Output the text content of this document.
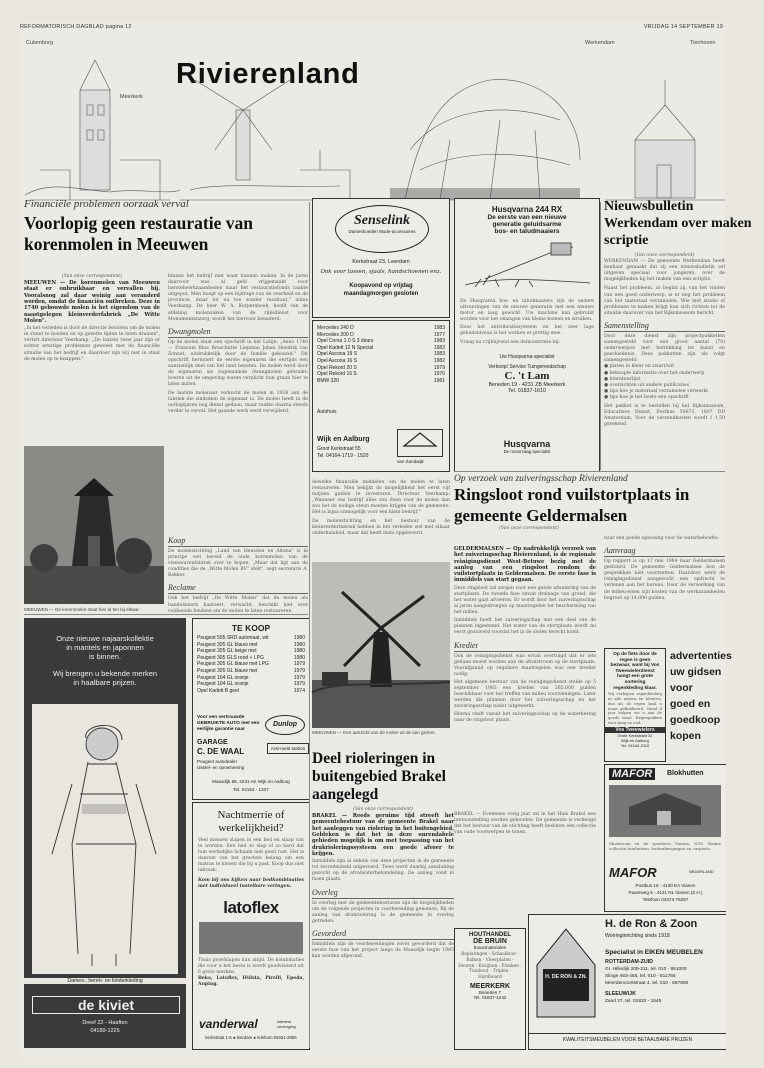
REFORMATORISCH DAGBLAD pagina 12	VRIJDAG 14 SEPTEMBER 19
Culemborg
Meerkerk
Werkendam	Tienhoven
Rivierenland
Financiële problemen oorzaak verval
Voorlopig geen restauratie van korenmolen in Meeuwen
(Van onze correspondent)
MEEUWEN — De korenmolen van Meeuwen staat er onbruikbaar en vervallen bij. Vooralsnog zal daar weinig aan veranderd worden, omdat de financiën ontbreken. Deze in 1740 gebouwde molen is het eigendom van de naastgelegen kleinverderfabriek „De Witte Molen".
„In het verleden is door de directie besloten om de molen in stand te houden en op gezette tijden te laten draaien", vertelt directeur Veerkamp. „De laatste twee jaar zijn er echter ernstige problemen geweest met de financiële situatie van het bedrijf en daardoor zijn wij niet in staat de molen op te knappen."
binnen het bedrijf niet waar kunnen maken. In de jaren daarvoor was al geld vrijgemaakt voor herstelwerkzaamheden maar het restauratiefonds raakte uitgeput. Men hoopt op een bijdrage van de overheid en de provincie, maar tot nu toe zonder resultaat," aldus Veerkamp. De heer W. A. Korpershoek, hoofd van de afdeling molenzaken van de rijksdienst voor Monumentenzorg, wordt het hiervoor benaderd.
Dwangmolen
Op de molen staat een opschrift in het Latijn: „Anno 1740 — Fransum Blue Bruschutte Liepman Johan Hendrik van Zonnet, uitdrukkelijk door de familie gebouwd." Dit opschrift herinnert de eerste eigenaren die eertijds een aanzienlijk deel van het land bezaten. De molen werd door de eigenaren als zogenaamde dwangmolen gebruikt: boeren uit de omgeving waren verplicht hun graan hier te laten malen.
De laatste molenaar verkocht de molen in 1938 aan de fabriek die sindsdien de eigenaar is. De molen heeft in de oorlogsjaren nog dienst gedaan, maar raakte daarna steeds verder in verval. Het gaande werk werd verwijderd.
MEEUWEN — De korenmolen staat hier al ten bij elkaar.
Koop
De molenstichting „Land van Heusden en Altena" is in principe wel bereid de oude korenmolen van de vleeswarenfabriek over te kopen. „Maar dat ligt aan de condities die de „Witte Molen BV" stelt", zegt secretaris A. Bakker.
Reclame
Ook het bedrijf „De Witte Molen" dat de molen als handelsmerk hanteert, verwacht, beschikt niet over voldoende fondsen om de molen te laten restaureren.
dewelke financiële middelen om de molen te laten restaureren. Men bekijkt de mogelijkheid het eerst vijf miljoen gulden te investeren. Directeur Veerkamp: „Wanneer ons bedrijf alles zou doen voor de molen dan zou het de nodige steun moeten krijgen van de gemeente. Het is bijna onmogelijk voor een klein bedrijf."
De molenstichting en het bestuur van de kleinverderfabriek hebben in het verleden wel met elkaar onderhandeld, maar dat heeft niets opgeleverd.
Senselink
Dameshoeden Mode-accessoires
Kerkstraat 23, Leerdam
Ook voor tassen, sjaals, handschoenen enz.
Koopavond op vrijdag
maandagmorgen gesloten
Mercedes 240 D	1983
Mercedes 200 D	1977
Opel Corsa 1.0 S 3 deurs	1983
Opel Kadett 12 N Special	1983
Opel Ascona 19 S	1983
Opel Ascona 16 S	1982
Opel Rekord 20 S	1979
Opel Rekord 16 S	1976
BMW 320	1981
Autohuis
Wijk en Aalburg
Groot Kerkstraat 55
Tel. 04164-1719 - 1520
van Zandwijk
Husqvarna 244 RX
De eerste van een nieuwe
generatie geluidsarme
bos- en taludmaaiers
De Husqvarna bos- en taludmaaiers zijn de ondere uitvoeringen van de nieuwe generatie met een nieuwe motor en laag gewicht. Uw machine kan gebruikt worden voor het omzagen van kleine bomen en struiken.
Door het antivibratiesysteem en het zeer lage geluidsniveau is het werken er prettig mee.
Vraag nu vrijblijvend een demonstratie bij:
Uw Husqvarna-specialist
Verkoop/ Service Tuingereedschap
C. 't Lam
Beneden 19 - 4231 ZB Meerkerk
Tel. 01837-1610
Husqvarna
De motorzaag specialist
Nieuwsbulletin Werkendam over maken scriptie
(Van onze correspondent)
WERKENDAM — De gemeente Werkendam heeft kenbaar gemaakt dat zij een nieuwsbulletin wil uitgeven speciaal voor jongeren, over de mogelijkheden bij het maken van een scriptie.
Naast het probleem, zo begint zij, van het vinden van een goed onderwerp, is er nog het probleem van het materiaal verzamelen. Wie met studie of problemen te maken krijgt kan zich richten tot de situatie daarover van het Rijksmuseum bericht.
Samenstelling
Door deze dienst zijn projectpakketten samengesteld voor een groot aantal (70) onderwerpen met betrekking tot kunst en geschiedenis. Deze pakketten zijn als volgt samengesteld:
● platen in kleur en zwart/wit
● beknopte informatie over het onderwerp
● literatuurlijst
● overzichten uit andere publicaties
● tips hoe je materiaal verzamelen verwerkt
● tips hoe je het beste een opschrift
Het pakket is te bestellen bij het Rijksmuseum, Educatieve Dienst, Postbus 50673, 1007 DD Amsterdam. Voor de verzendkosten wordt f 1,50 gerekend.
Op verzoek van zuiveringsschap Rivierenland
Ringsloot rond vuilstortplaats in gemeente Geldermalsen
(Van onze correspondent)
GELDERMALSEN — Op nadrukkelijk verzoek van het zuiveringsschap Rivierenland, is de regionale reinigingsdienst West-Betuwe bezig met de aanleg van een ringsloot rondom de vuilstortplaats in Geldermalsen. De eerste fase is inmiddels van start gegaan.
Deze ringsloot zal zorgen voor een goede afwatering van de stortplaats. De tweede fase omvat drainage van grond, die het water gaat afvoeren. Er wordt door het zuiveringsschap al jaren aangedrongen op maatregelen ter bescherming van het milieu.
Inmiddels heeft het zuiveringschap met een deel van de plannen ingestemd. Het water van de stortplaats wordt nu eerst gezuiverd voordat het in de sloten terecht komt.
Krediet
Ook de reinigingsdienst was ervan overtuigd dat er iets gedaan moest worden aan de afvalstroom op de stortplaats. Voorafgaand op reguliere maatregelen was een krediet nodig.
Het algemeen bestuur van de reinigingsdienst stelde op 5 september 1983 een krediet van 265.000 gulden beschikbaar voor het treffen van milieu voorzieningen. Later werden die plannen door het zuiveringsschap en het zuiveringsschap nader uitgewerkt.
Hierna vindt vanuit het zuiveringsschap op de waterkering naar de ringsloot plaats.
naar een goede oplossing voor de waterbehoefte.
Aanvraag
Op rapport is op 17 mei 1984 naar Geldermalsen gestuurd. De gemeente Geldermalsen kon de gesprekken niet voortzetten. Daardoor werd de reinigingsdienst aangezocht een opdracht te verlenen aan het bureau. Door de verwerking van de milieu-eisen zijn kosten van de werkzaamheden begroot op 14.000 gulden.
MEEUWEN — Een aanzicht van de molen uit de tuin gezien.
Deel rioleringen in buitengebied Brakel aangelegd
(Van onze correspondent)
BRAKEL — Reeds geruime tijd streeft het gemeentebestuur van de gemeente Brakel naar het aanleggen van riolering in het buitengebied. Gebleken is dat het in deze onrendabele gebieden mogelijk is om met toepassing van het drukrioleringssysteem een goede afvoer te krijgen.
Inmiddels zijn al enkele van deze projecten in de gemeente tot tevredenheid uitgevoerd. Twee werd daarbij aansluiting gezocht op de afvalwaterbehandeling. De aanleg vond in fasen plaats.
Overleg
In overleg met de gemeentebesturen zijn de mogelijkheden om de volgende projecten in voorbereiding genomen, Bij de aanleg van drukriolering is de gemeente in overleg getreden.
Gevorderd
Inmiddels zijn de voorbereidingen zover gevorderd dat de eerste fase van het project langs de Maasdijk begin 1985 kan worden afgerond.
BRAKEL — Eveneens vorig jaar zal in het Huis Brakel een tentoonstelling worden gehouden. De gemeente is verheugd dat het bestuur van de stichting heeft besloten een collectie van oude voorwerpen te tonen.
Onze nieuwe najaarskollektie
in mantels en japonnen
is binnen.
Wij brengen u bekende merken
in haalbare prijzen.
Dames-, heren- en kinderkleding
de kiviet
Dreef 22 - Haaften
04189-1225
TE KOOP
Peugeot 505 SRD automaat, wit	1980
Peugeot 305 GL blauw met	1980
Peugeot 305 GL beige met	1980
Peugeot 305 GLS rood + LPG	1980
Peugeot 305 GL blauw met LPG	1979
Peugeot 305 GL blauw met	1979
Peugeot 104 GL oranje	1979
Peugeot 104 GL oranje	1979
Opel Kadett B geel	1974
Voor een vertrouwde
GEBRUIKTE AUTO met een
eerlijke garantie naar
Dunlop
GARAGE
C. DE WAAL
Peugeot autodealer
Uitstel- en opnemening
Anti-roest station
Maasdijk 88, 4231 AK Wijk en Aalburg
Tel. 04164 - 1207
Nachtmerrie of werkelijkheid?
Veel mensen slapen in een bed en slaap van te worden. Een bed zo slap of zo hard dat hun werkelijke lichaam niet goed rust. Het is daarom van het grootste belang om een matras te kiezen die bij u past. Koop dus niet lukraak.
Kom bij ons kijken naar bedkombinaties met individueel instelbare veringen.
latoflex
Thuis proefslapen kan altijd. De kombinaties die voor u het beste is wordt geadviseerd uit 6 grote merken.
Beka, Latoflex, Hülsta, Pirelli, Epeda, Auping.
vanderwal	interieur verzorging
kerkstraat 1-6 ● leerdam ● telefoon 03451-2886
Op de fiets door de
regen is geen
bezwaar, want bij Vos
Tweewielerdienst
hangt een grote
sortering
regenkleding klaar.
Wij verkopen regenkleding in alle maten en kleuren, dus als de regen kaal u maar geflankeerd. Vanaf 4 jaar helpen we u aan de goede maat. Regenpakken voor jong en oud.
Vos Tweewielers
Grote Kerkstraat 32
Wijk en Aalburg
Tel. 04164-2110
advertenties
uw gidsen
voor
goed en
goedkoop
kopen
MAFOR	Blokhutten
Showroom en de sportieve Vianen, NYS. Ruime collectie tuinhuizen, buitenbergingen en carports.
MAFOR	NEDERLAND
Postbus 16 - 4130 EA Vianen
Paarsweg 6 - 4131 NL Vianen (Z.H.)
Telefoon 03473-76257
HOUTHANDEL
DE BRUIN
bouwmaterialen
Beplatingen - Schaalhout - Balken - Vloerplaten - Deuren - Kozijnen - Planken - Tuinhout - Triplex - Hardboard
MEERKERK
Beneden 7
Tel. 01837-1242
H. DE RON & ZN.
H. de Ron & Zoon
Woninginrichting sinds 1918
Specialist in EIKEN MEUBELEN
ROTTERDAM-ZUID
Gr. Hilledijk 209-211, tel. 010 - 851000
Slinge 463-465, tel. 010 - 811755
Meerdervoortstraat 4, tel. 010 - 867800
SLEEUWIJK
Zand 27, tel. 01833 - 1545
KWALITEITSMEUBELEN VOOR BETAALBARE PRIJZEN
